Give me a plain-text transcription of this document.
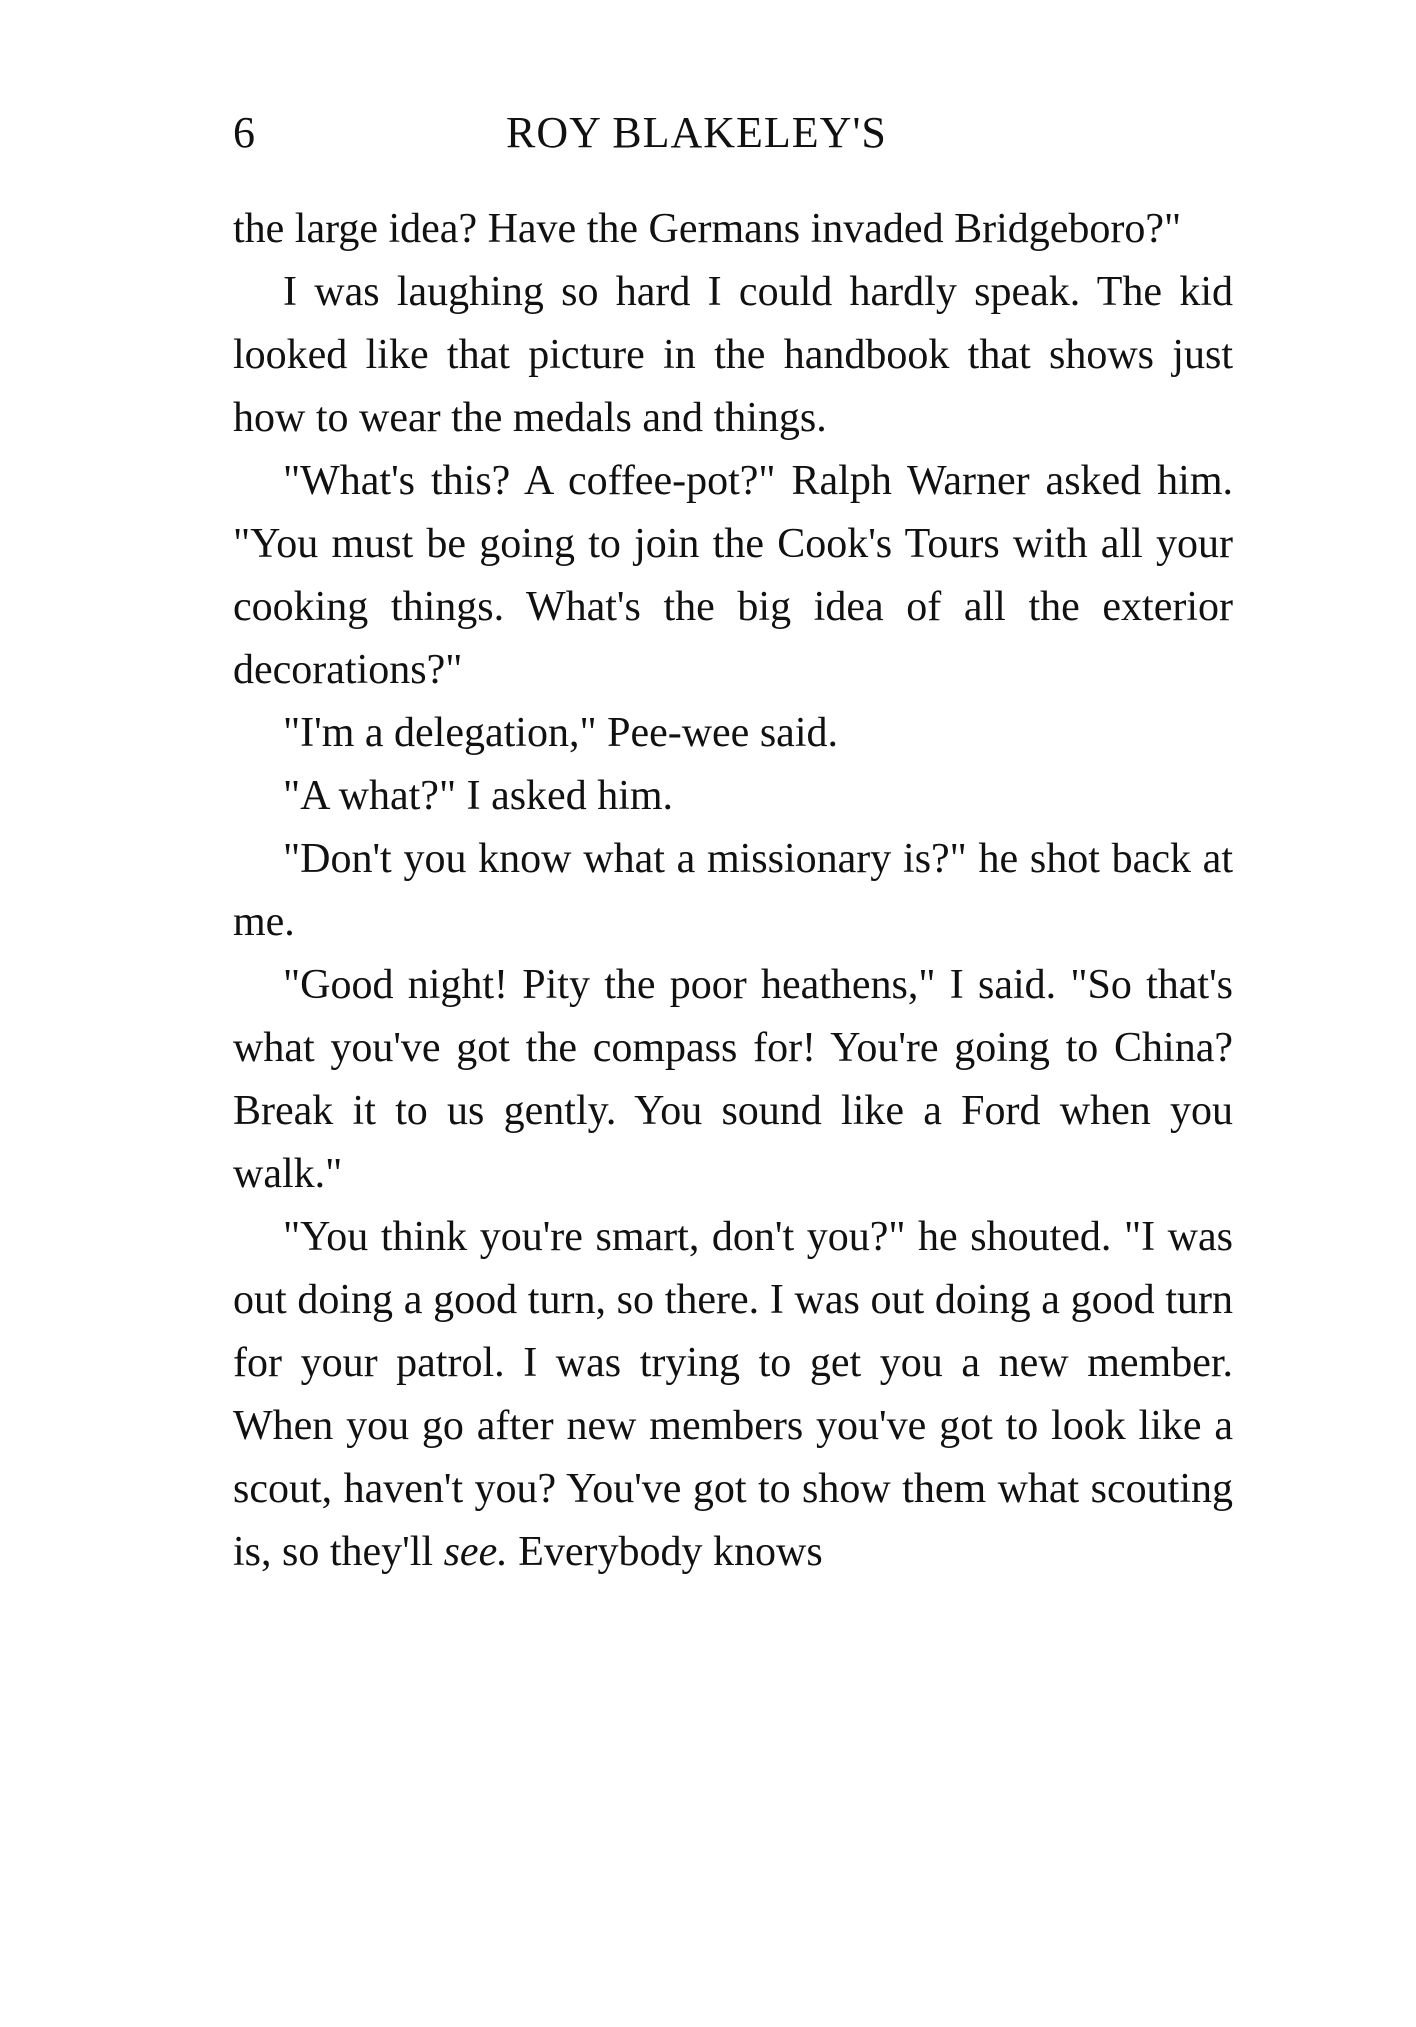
6	ROY BLAKELEY'S

the large idea? Have the Germans invaded Bridgeboro?"

I was laughing so hard I could hardly speak. The kid looked like that picture in the handbook that shows just how to wear the medals and things.

"What's this? A coffee-pot?" Ralph Warner asked him. "You must be going to join the Cook's Tours with all your cooking things. What's the big idea of all the exterior decorations?"

"I'm a delegation," Pee-wee said.

"A what?" I asked him.

"Don't you know what a missionary is?" he shot back at me.

"Good night! Pity the poor heathens," I said. "So that's what you've got the compass for! You're going to China? Break it to us gently. You sound like a Ford when you walk."

"You think you're smart, don't you?" he shouted. "I was out doing a good turn, so there. I was out doing a good turn for your patrol. I was trying to get you a new member. When you go after new members you've got to look like a scout, haven't you? You've got to show them what scouting is, so they'll see. Everybody knows
